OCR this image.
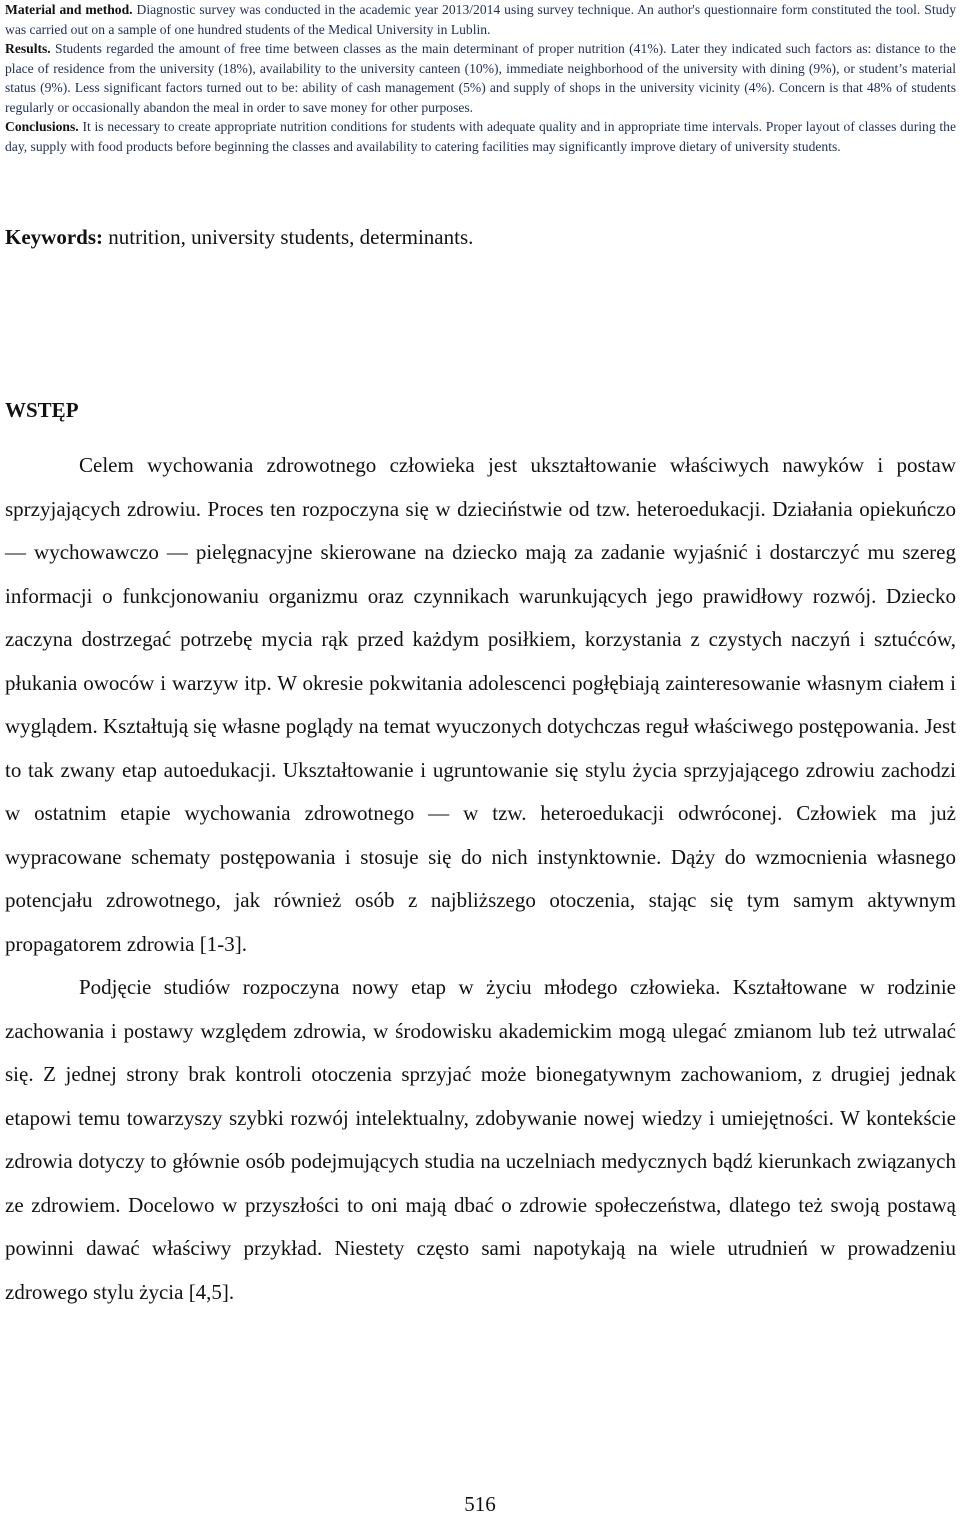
Material and method. Diagnostic survey was conducted in the academic year 2013/2014 using survey technique. An author's questionnaire form constituted the tool. Study was carried out on a sample of one hundred students of the Medical University in Lublin.

Results. Students regarded the amount of free time between classes as the main determinant of proper nutrition (41%). Later they indicated such factors as: distance to the place of residence from the university (18%), availability to the university canteen (10%), immediate neighborhood of the university with dining (9%), or student’s material status (9%). Less significant factors turned out to be: ability of cash management (5%) and supply of shops in the university vicinity (4%). Concern is that 48% of students regularly or occasionally abandon the meal in order to save money for other purposes.

Conclusions. It is necessary to create appropriate nutrition conditions for students with adequate quality and in appropriate time intervals. Proper layout of classes during the day, supply with food products before beginning the classes and availability to catering facilities may significantly improve dietary of university students.

Keywords: nutrition, university students, determinants.
WSTĘP

Celem wychowania zdrowotnego człowieka jest ukształtowanie właściwych nawyków i postaw sprzyjających zdrowiu. Proces ten rozpoczyna się w dzieciństwie od tzw. heteroedukacji. Działania opiekuńczo ― wychowawczo ― pielęgnacyjne skierowane na dziecko mają za zadanie wyjaśnić i dostarczyć mu szereg informacji o funkcjonowaniu organizmu oraz czynnikach warunkujących jego prawidłowy rozwój. Dziecko zaczyna dostrzegać potrzebę mycia rąk przed każdym posiłkiem, korzystania z czystych naczyń i sztućców, płukania owoców i warzyw itp. W okresie pokwitania adolescenci pogłębiają zainteresowanie własnym ciałem i wyglądem. Kształtują się własne poglądy na temat wyuczonych dotychczas reguł właściwego postępowania. Jest to tak zwany etap autoedukacji. Ukształtowanie i ugruntowanie się stylu życia sprzyjającego zdrowiu zachodzi w ostatnim etapie wychowania zdrowotnego ― w tzw. heteroedukacji odwróconej. Człowiek ma już wypracowane schematy postępowania i stosuje się do nich instynktownie. Dąży do wzmocnienia własnego potencjału zdrowotnego, jak również osób z najbliższego otoczenia, stając się tym samym aktywnym propagatorem zdrowia [1-3].

Podjęcie studiów rozpoczyna nowy etap w życiu młodego człowieka. Kształtowane w rodzinie zachowania i postawy względem zdrowia, w środowisku akademickim mogą ulegać zmianom lub też utrwalać się. Z jednej strony brak kontroli otoczenia sprzyjać może bionegatywnym zachowaniom, z drugiej jednak etapowi temu towarzyszy szybki rozwój intelektualny, zdobywanie nowej wiedzy i umiejętności. W kontekście zdrowia dotyczy to głównie osób podejmujących studia na uczelniach medycznych bądź kierunkach związanych ze zdrowiem. Docelowo w przyszłości to oni mają dbać o zdrowie społeczeństwa, dlatego też swoją postawą powinni dawać właściwy przykład. Niestety często sami napotykają na wiele utrudnień w prowadzeniu zdrowego stylu życia [4,5].

516
